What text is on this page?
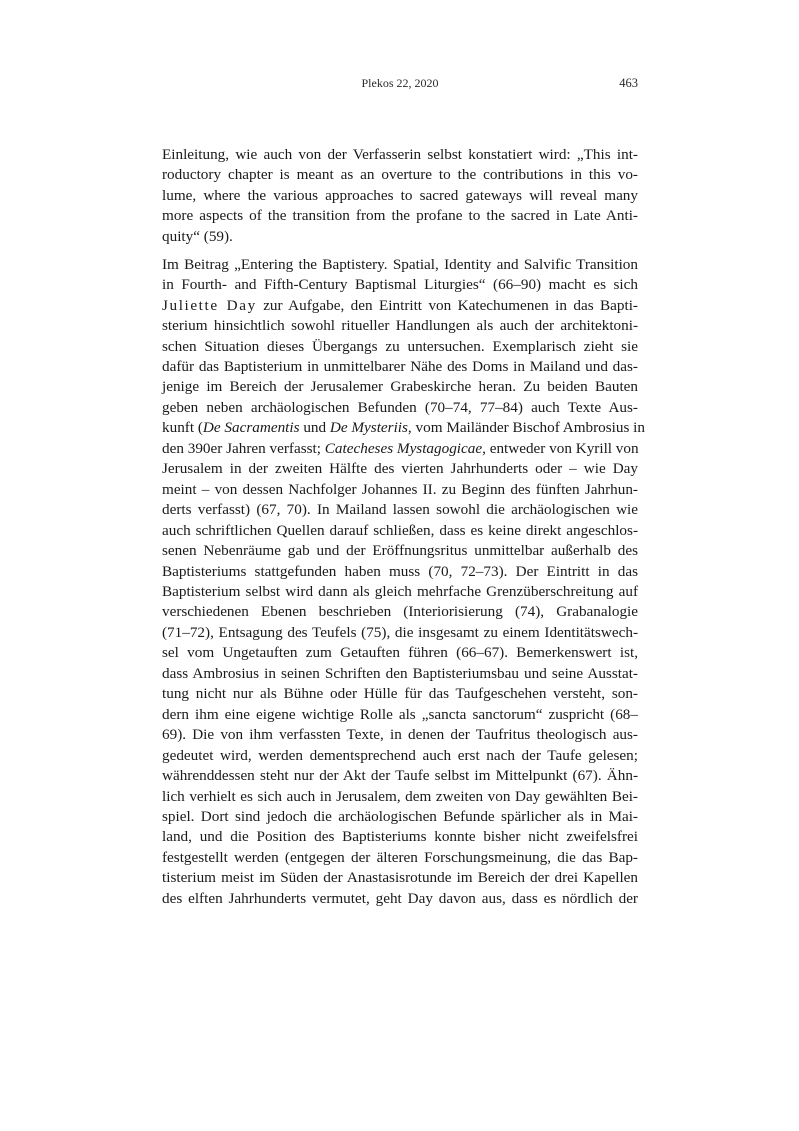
Plekos 22, 2020	463

Einleitung, wie auch von der Verfasserin selbst konstatiert wird: „This int-
roductory chapter is meant as an overture to the contributions in this vo-
lume, where the various approaches to sacred gateways will reveal many
more aspects of the transition from the profane to the sacred in Late Anti-
quity“ (59).

Im Beitrag „Entering the Baptistery. Spatial, Identity and Salvific Transition
in Fourth- and Fifth-Century Baptismal Liturgies“ (66–90) macht es sich
Juliette Day zur Aufgabe, den Eintritt von Katechumenen in das Bapti-
sterium hinsichtlich sowohl ritueller Handlungen als auch der architektoni-
schen Situation dieses Übergangs zu untersuchen. Exemplarisch zieht sie
dafür das Baptisterium in unmittelbarer Nähe des Doms in Mailand und das-
jenige im Bereich der Jerusalemer Grabeskirche heran. Zu beiden Bauten
geben neben archäologischen Befunden (70–74, 77–84) auch Texte Aus-
kunft (De Sacramentis und De Mysteriis, vom Mailänder Bischof Ambrosius in
den 390er Jahren verfasst; Catecheses Mystagogicae, entweder von Kyrill von
Jerusalem in der zweiten Hälfte des vierten Jahrhunderts oder – wie Day
meint – von dessen Nachfolger Johannes II. zu Beginn des fünften Jahrhun-
derts verfasst) (67, 70). In Mailand lassen sowohl die archäologischen wie
auch schriftlichen Quellen darauf schließen, dass es keine direkt angeschlos-
senen Nebenräume gab und der Eröffnungsritus unmittelbar außerhalb des
Baptisteriums stattgefunden haben muss (70, 72–73). Der Eintritt in das
Baptisterium selbst wird dann als gleich mehrfache Grenzüberschreitung auf
verschiedenen Ebenen beschrieben (Interiorisierung (74), Grabanalogie
(71–72), Entsagung des Teufels (75), die insgesamt zu einem Identitätswech-
sel vom Ungetauften zum Getauften führen (66–67). Bemerkenswert ist,
dass Ambrosius in seinen Schriften den Baptisteriumsbau und seine Ausstat-
tung nicht nur als Bühne oder Hülle für das Taufgeschehen versteht, son-
dern ihm eine eigene wichtige Rolle als „sancta sanctorum“ zuspricht (68–
69). Die von ihm verfassten Texte, in denen der Taufritus theologisch aus-
gedeutet wird, werden dementsprechend auch erst nach der Taufe gelesen;
währenddessen steht nur der Akt der Taufe selbst im Mittelpunkt (67). Ähn-
lich verhielt es sich auch in Jerusalem, dem zweiten von Day gewählten Bei-
spiel. Dort sind jedoch die archäologischen Befunde spärlicher als in Mai-
land, und die Position des Baptisteriums konnte bisher nicht zweifelsfrei
festgestellt werden (entgegen der älteren Forschungsmeinung, die das Bap-
tisterium meist im Süden der Anastasisrotunde im Bereich der drei Kapellen
des elften Jahrhunderts vermutet, geht Day davon aus, dass es nördlich der
